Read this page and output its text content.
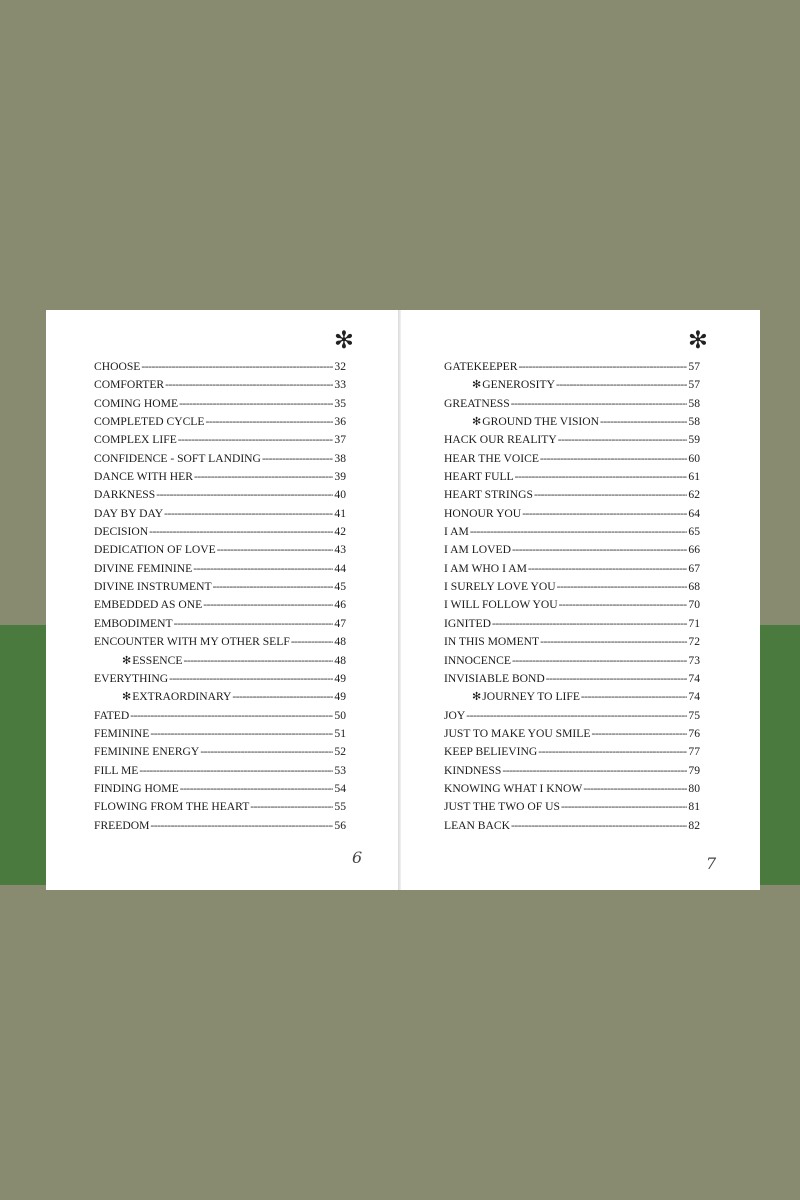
✻
CHOOSE -----	32
COMFORTER -----	33
COMING HOME -----	35
COMPLETED CYCLE -----	36
COMPLEX LIFE -----	37
CONFIDENCE - SOFT LANDING -----	38
DANCE WITH HER -----	39
DARKNESS -----	40
DAY BY DAY -----	41
DECISION -----	42
DEDICATION OF LOVE -----	43
DIVINE FEMININE -----	44
DIVINE INSTRUMENT -----	45
EMBEDDED AS ONE -----	46
EMBODIMENT -----	47
ENCOUNTER WITH MY OTHER SELF -----	48
✻ ESSENCE -----	48
EVERYTHING -----	49
✻ EXTRAORDINARY -----	49
FATED -----	50
FEMININE -----	51
FEMININE ENERGY -----	52
FILL ME -----	53
FINDING HOME -----	54
FLOWING FROM THE HEART -----	55
FREEDOM -----	56
6
✻
GATEKEEPER -----	57
✻ GENEROSITY -----	57
GREATNESS -----	58
✻ GROUND THE VISION -----	58
HACK OUR REALITY -----	59
HEAR THE VOICE -----	60
HEART FULL -----	61
HEART STRINGS -----	62
HONOUR YOU -----	64
I AM -----	65
I AM LOVED -----	66
I AM WHO I AM -----	67
I SURELY LOVE YOU -----	68
I WILL FOLLOW YOU -----	70
IGNITED -----	71
IN THIS MOMENT -----	72
INNOCENCE -----	73
INVISIABLE BOND -----	74
✻ JOURNEY TO LIFE -----	74
JOY -----	75
JUST TO MAKE YOU SMILE -----	76
KEEP BELIEVING -----	77
KINDNESS -----	79
KNOWING WHAT I KNOW -----	80
JUST THE TWO OF US -----	81
LEAN BACK -----	82
7
